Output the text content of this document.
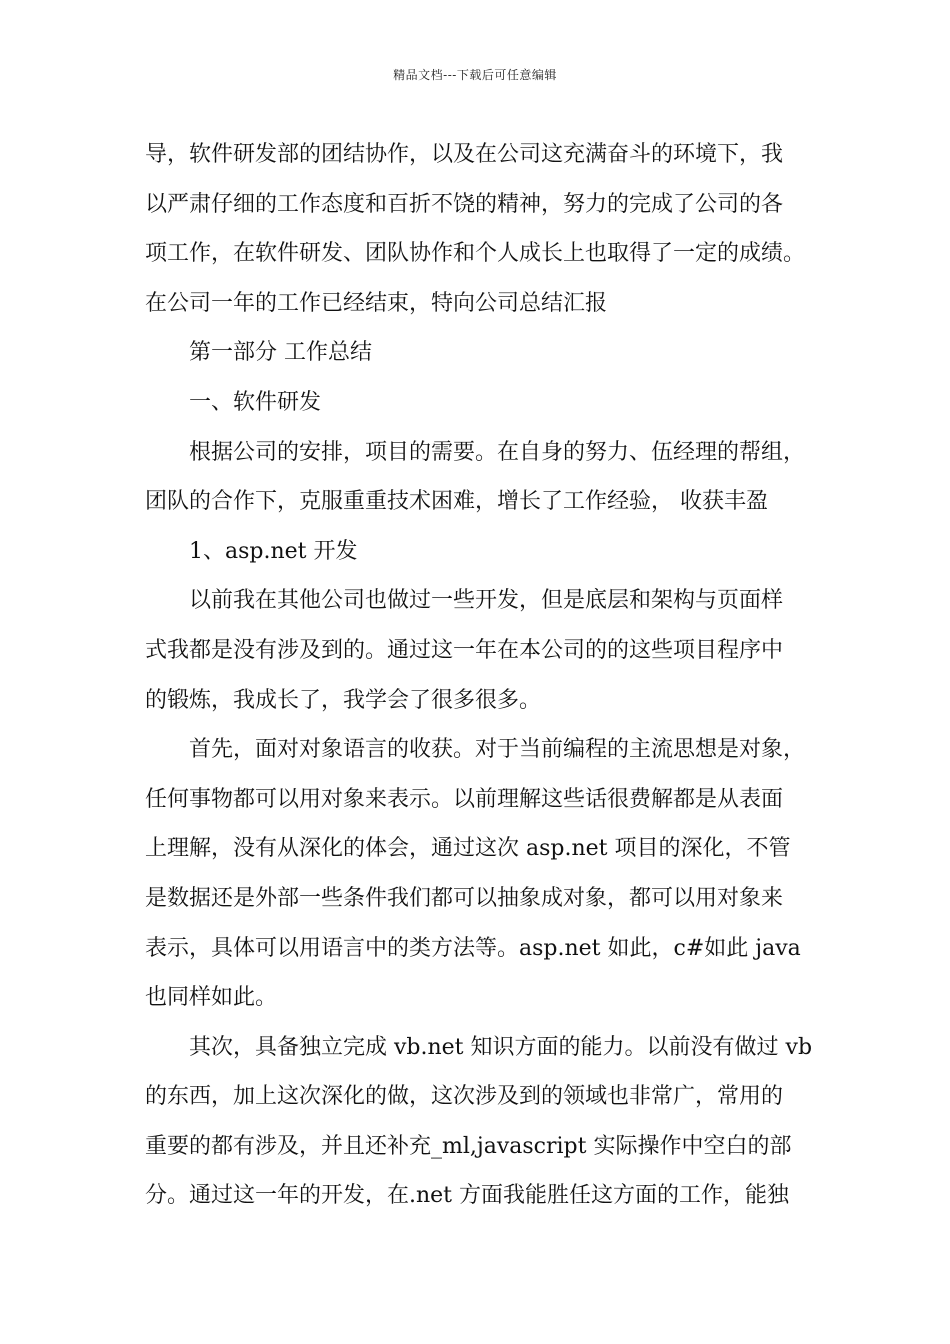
精品文档---下载后可任意编辑
导，软件研发部的团结协作，以及在公司这充满奋斗的环境下，我
以严肃仔细的工作态度和百折不饶的精神，努力的完成了公司的各
项工作，在软件研发、团队协作和个人成长上也取得了一定的成绩。
在公司一年的工作已经结束，特向公司总结汇报
第一部分 工作总结
一、软件研发
根据公司的安排，项目的需要。在自身的努力、伍经理的帮组，
团队的合作下，克服重重技术困难，增长了工作经验， 收获丰盈
1、asp.net 开发
以前我在其他公司也做过一些开发，但是底层和架构与页面样
式我都是没有涉及到的。通过这一年在本公司的的这些项目程序中
的锻炼，我成长了，我学会了很多很多。
首先，面对对象语言的收获。对于当前编程的主流思想是对象，
任何事物都可以用对象来表示。以前理解这些话很费解都是从表面
上理解，没有从深化的体会，通过这次 asp.net 项目的深化，不管
是数据还是外部一些条件我们都可以抽象成对象，都可以用对象来
表示，具体可以用语言中的类方法等。asp.net 如此，c#如此 java
也同样如此。
其次，具备独立完成 vb.net 知识方面的能力。以前没有做过 vb
的东西，加上这次深化的做，这次涉及到的领域也非常广，常用的
重要的都有涉及，并且还补充_ml,javascript 实际操作中空白的部
分。通过这一年的开发，在.net 方面我能胜任这方面的工作，能独
